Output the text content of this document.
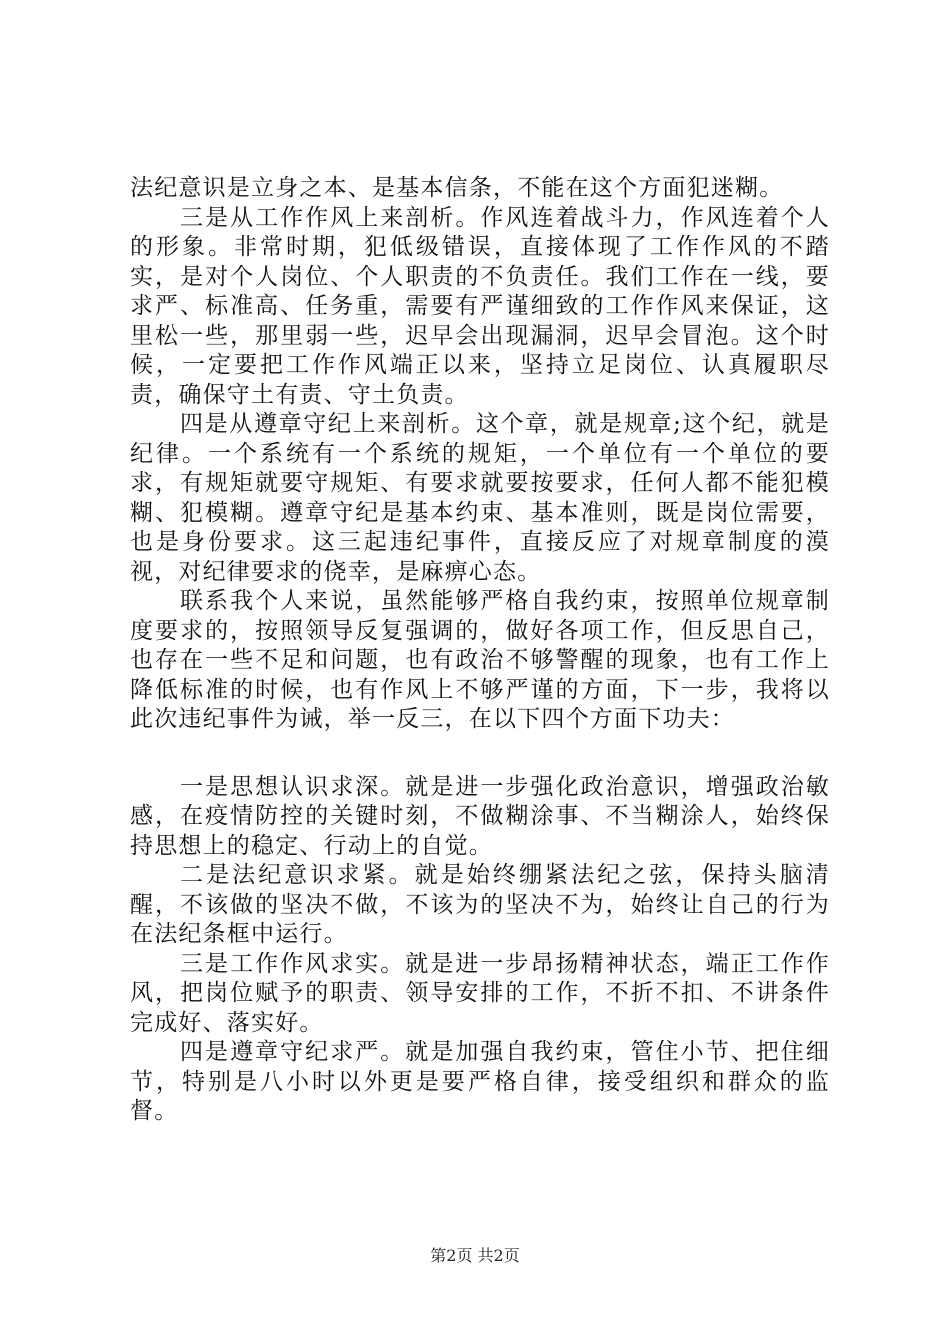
法纪意识是立身之本、是基本信条，不能在这个方面犯迷糊。

三是从工作作风上来剖析。作风连着战斗力，作风连着个人的形象。非常时期，犯低级错误，直接体现了工作作风的不踏实，是对个人岗位、个人职责的不负责任。我们工作在一线，要求严、标准高、任务重，需要有严谨细致的工作作风来保证，这里松一些，那里弱一些，迟早会出现漏洞，迟早会冒泡。这个时候，一定要把工作作风端正以来，坚持立足岗位、认真履职尽责，确保守土有责、守土负责。

四是从遵章守纪上来剖析。这个章，就是规章;这个纪，就是纪律。一个系统有一个系统的规矩，一个单位有一个单位的要求，有规矩就要守规矩、有要求就要按要求，任何人都不能犯模糊、犯模糊。遵章守纪是基本约束、基本准则，既是岗位需要，也是身份要求。这三起违纪事件，直接反应了对规章制度的漠视，对纪律要求的侥幸，是麻痹心态。

联系我个人来说，虽然能够严格自我约束，按照单位规章制度要求的，按照领导反复强调的，做好各项工作，但反思自己，也存在一些不足和问题，也有政治不够警醒的现象，也有工作上降低标准的时候，也有作风上不够严谨的方面，下一步，我将以此次违纪事件为诫，举一反三，在以下四个方面下功夫：

一是思想认识求深。就是进一步强化政治意识，增强政治敏感，在疫情防控的关键时刻，不做糊涂事、不当糊涂人，始终保持思想上的稳定、行动上的自觉。

二是法纪意识求紧。就是始终绷紧法纪之弦，保持头脑清醒，不该做的坚决不做，不该为的坚决不为，始终让自己的行为在法纪条框中运行。

三是工作作风求实。就是进一步昂扬精神状态，端正工作作风，把岗位赋予的职责、领导安排的工作，不折不扣、不讲条件完成好、落实好。

四是遵章守纪求严。就是加强自我约束，管住小节、把住细节，特别是八小时以外更是要严格自律，接受组织和群众的监督。

第2页 共2页
